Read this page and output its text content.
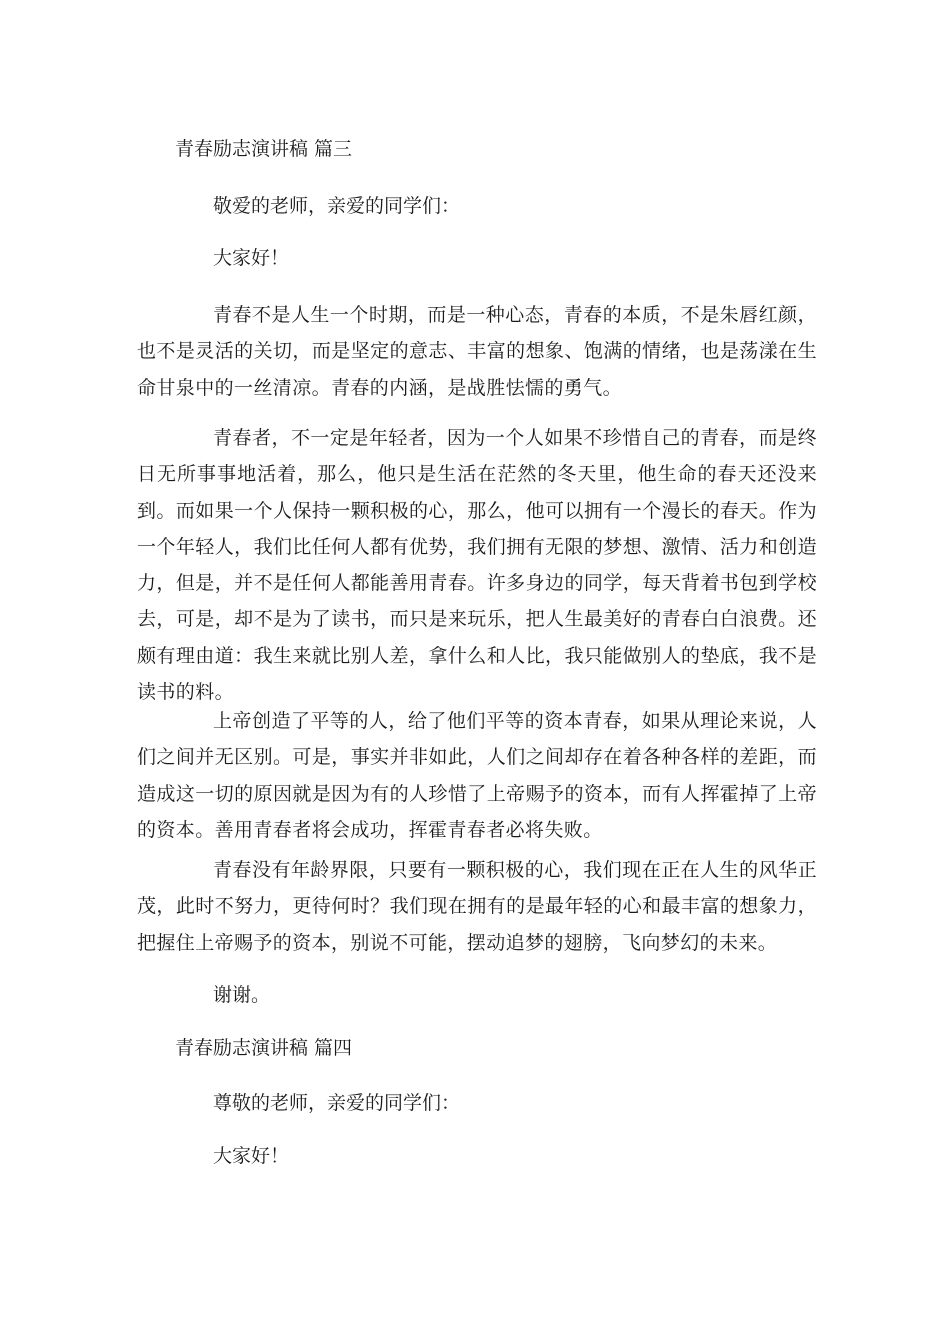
青春励志演讲稿 篇三
敬爱的老师，亲爱的同学们：
大家好！
青春不是人生一个时期，而是一种心态，青春的本质，不是朱唇红颜，也不是灵活的关切，而是坚定的意志、丰富的想象、饱满的情绪，也是荡漾在生命甘泉中的一丝清凉。青春的内涵，是战胜怯懦的勇气。
青春者，不一定是年轻者，因为一个人如果不珍惜自己的青春，而是终日无所事事地活着，那么，他只是生活在茫然的冬天里，他生命的春天还没来到。而如果一个人保持一颗积极的心，那么，他可以拥有一个漫长的春天。作为一个年轻人，我们比任何人都有优势，我们拥有无限的梦想、激情、活力和创造力，但是，并不是任何人都能善用青春。许多身边的同学，每天背着书包到学校去，可是，却不是为了读书，而只是来玩乐，把人生最美好的青春白白浪费。还颇有理由道：我生来就比别人差，拿什么和人比，我只能做别人的垫底，我不是读书的料。
上帝创造了平等的人，给了他们平等的资本青春，如果从理论来说，人们之间并无区别。可是，事实并非如此，人们之间却存在着各种各样的差距，而造成这一切的原因就是因为有的人珍惜了上帝赐予的资本，而有人挥霍掉了上帝的资本。善用青春者将会成功，挥霍青春者必将失败。
青春没有年龄界限，只要有一颗积极的心，我们现在正在人生的风华正茂，此时不努力，更待何时？我们现在拥有的是最年轻的心和最丰富的想象力，把握住上帝赐予的资本，别说不可能，摆动追梦的翅膀，飞向梦幻的未来。
谢谢。
青春励志演讲稿 篇四
尊敬的老师，亲爱的同学们：
大家好！
